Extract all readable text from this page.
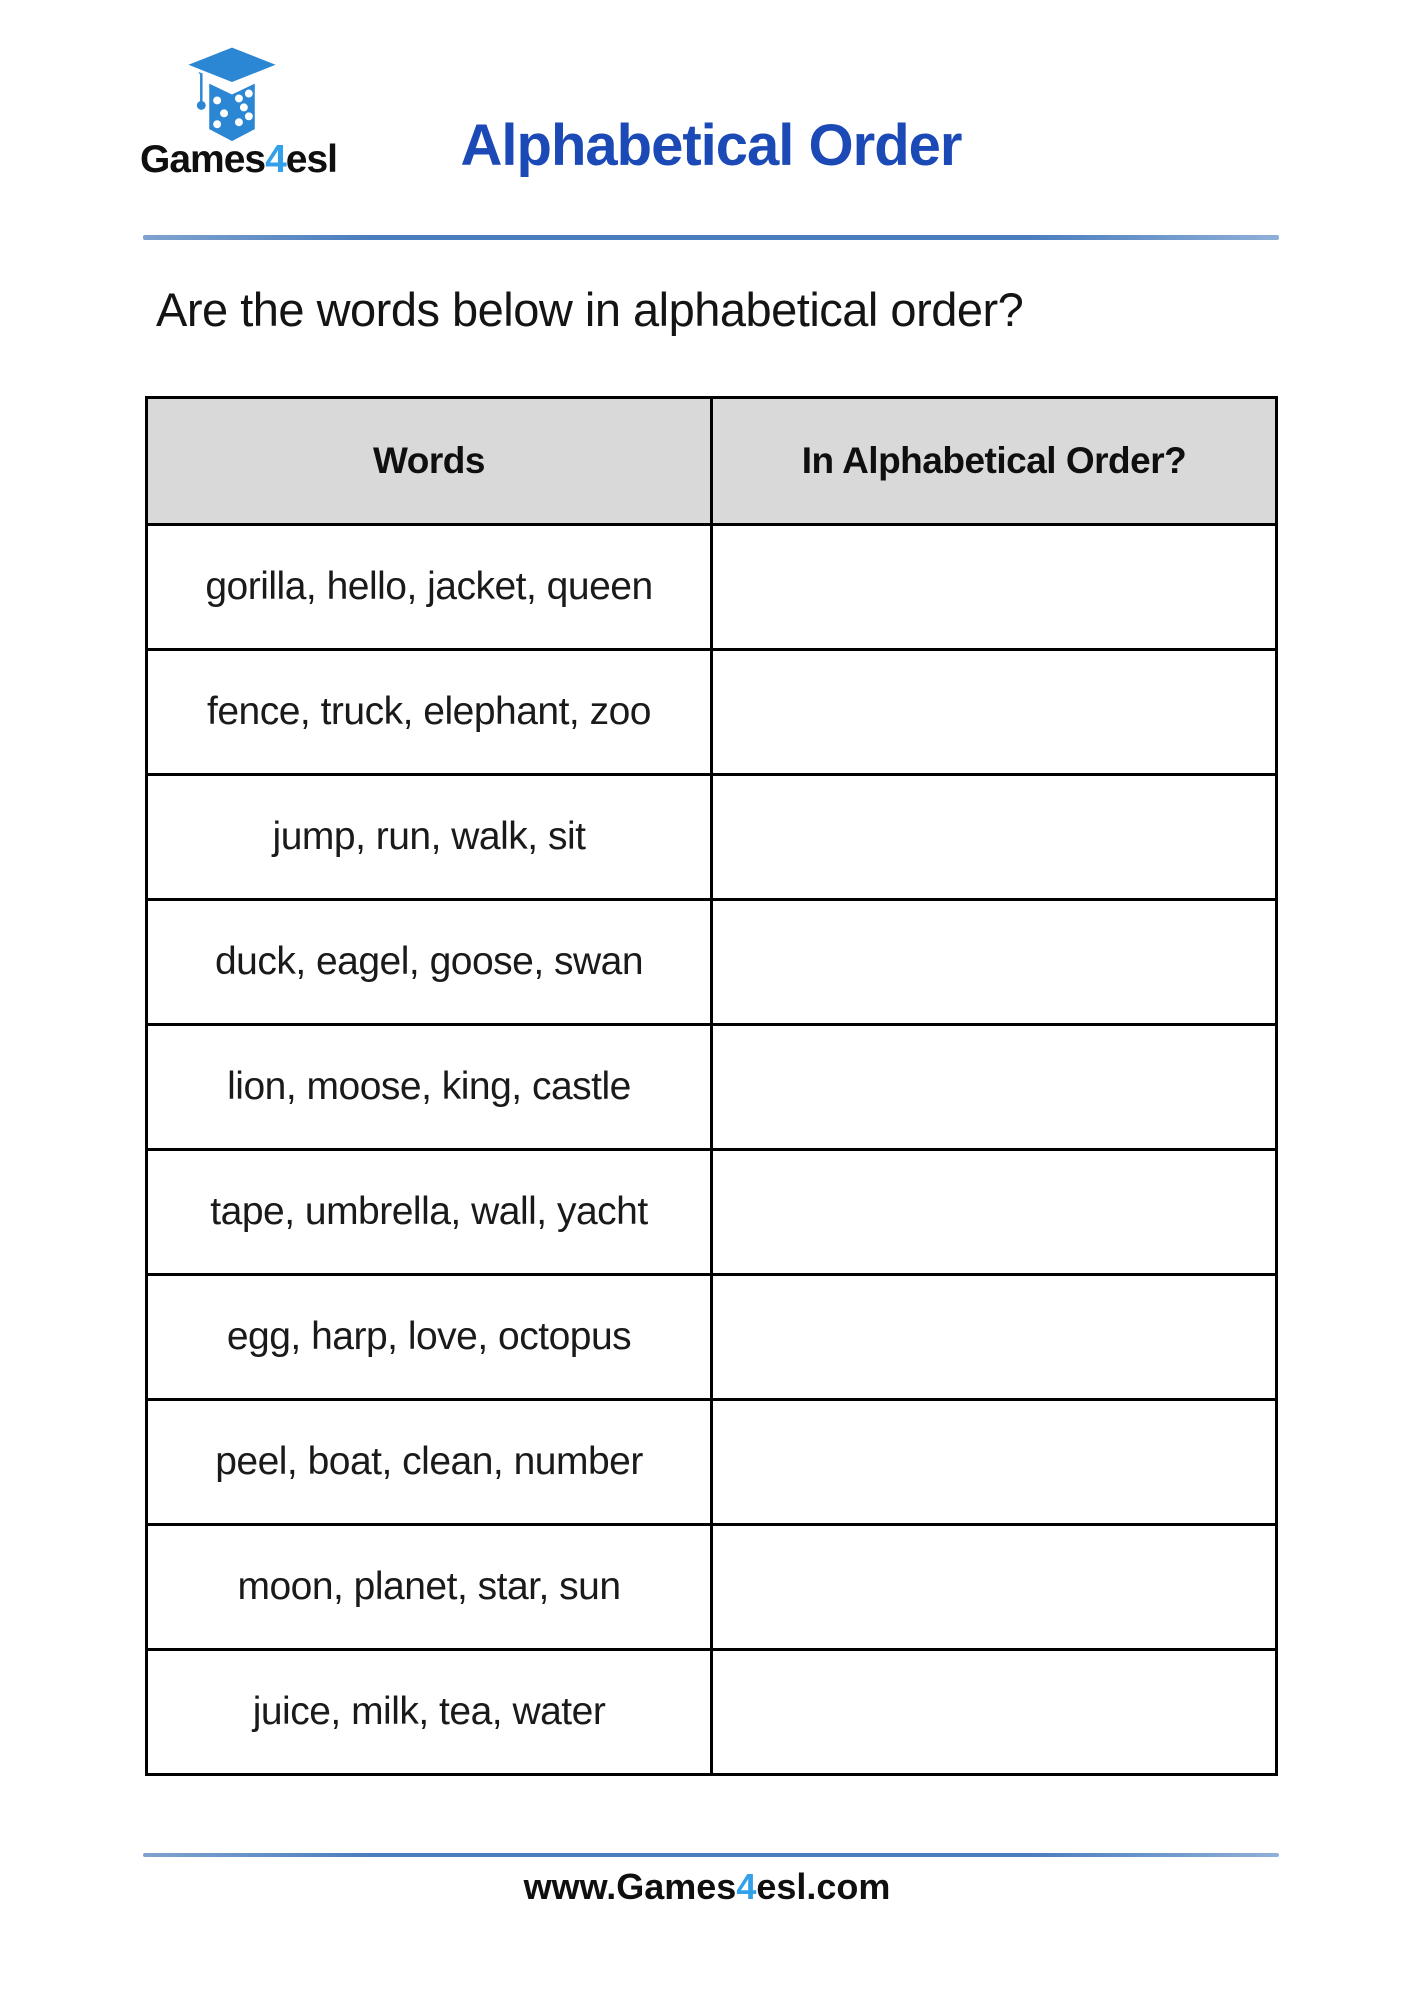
Games4esl	Alphabetical Order
Are the words below in alphabetical order?
Words	In Alphabetical Order?
gorilla, hello, jacket, queen	
fence, truck, elephant, zoo	
jump, run, walk, sit	
duck, eagel, goose, swan	
lion, moose, king, castle	
tape, umbrella, wall, yacht	
egg, harp, love, octopus	
peel, boat, clean, number	
moon, planet, star, sun	
juice, milk, tea, water	
www.Games4esl.com
